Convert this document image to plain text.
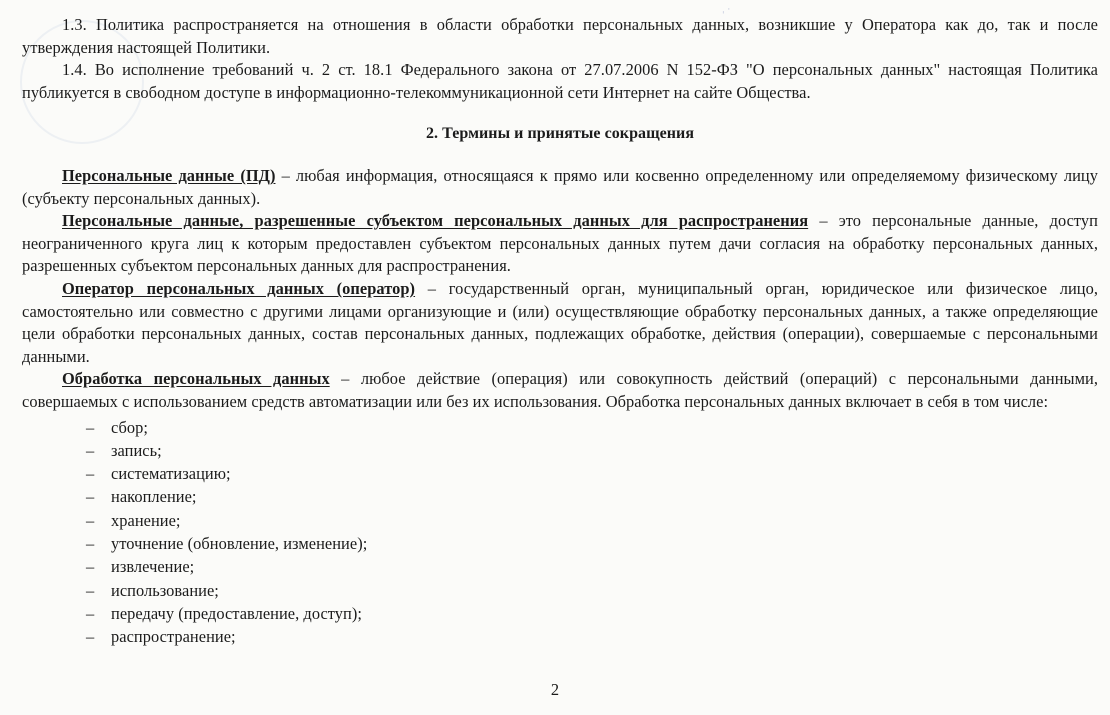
ˌ ·

1.3. Политика распространяется на отношения в области обработки персональных данных, возникшие у Оператора как до, так и после утверждения настоящей Политики.

1.4. Во исполнение требований ч. 2 ст. 18.1 Федерального закона от 27.07.2006 N 152-ФЗ "О персональных данных" настоящая Политика публикуется в свободном доступе в информационно-телекоммуникационной сети Интернет на сайте Общества.

2. Термины и принятые сокращения

Персональные данные (ПД) – любая информация, относящаяся к прямо или косвенно определенному или определяемому физическому лицу (субъекту персональных данных).

Персональные данные, разрешенные субъектом персональных данных для распространения – это персональные данные, доступ неограниченного круга лиц к которым предоставлен субъектом персональных данных путем дачи согласия на обработку персональных данных, разрешенных субъектом персональных данных для распространения.

Оператор персональных данных (оператор) – государственный орган, муниципальный орган, юридическое или физическое лицо, самостоятельно или совместно с другими лицами организующие и (или) осуществляющие обработку персональных данных, а также определяющие цели обработки персональных данных, состав персональных данных, подлежащих обработке, действия (операции), совершаемые с персональными данными.

Обработка персональных данных – любое действие (операция) или совокупность действий (операций) с персональными данными, совершаемых с использованием средств автоматизации или без их использования. Обработка персональных данных включает в себя в том числе:

– сбор;
– запись;
– систематизацию;
– накопление;
– хранение;
– уточнение (обновление, изменение);
– извлечение;
– использование;
– передачу (предоставление, доступ);
– распространение;
2
